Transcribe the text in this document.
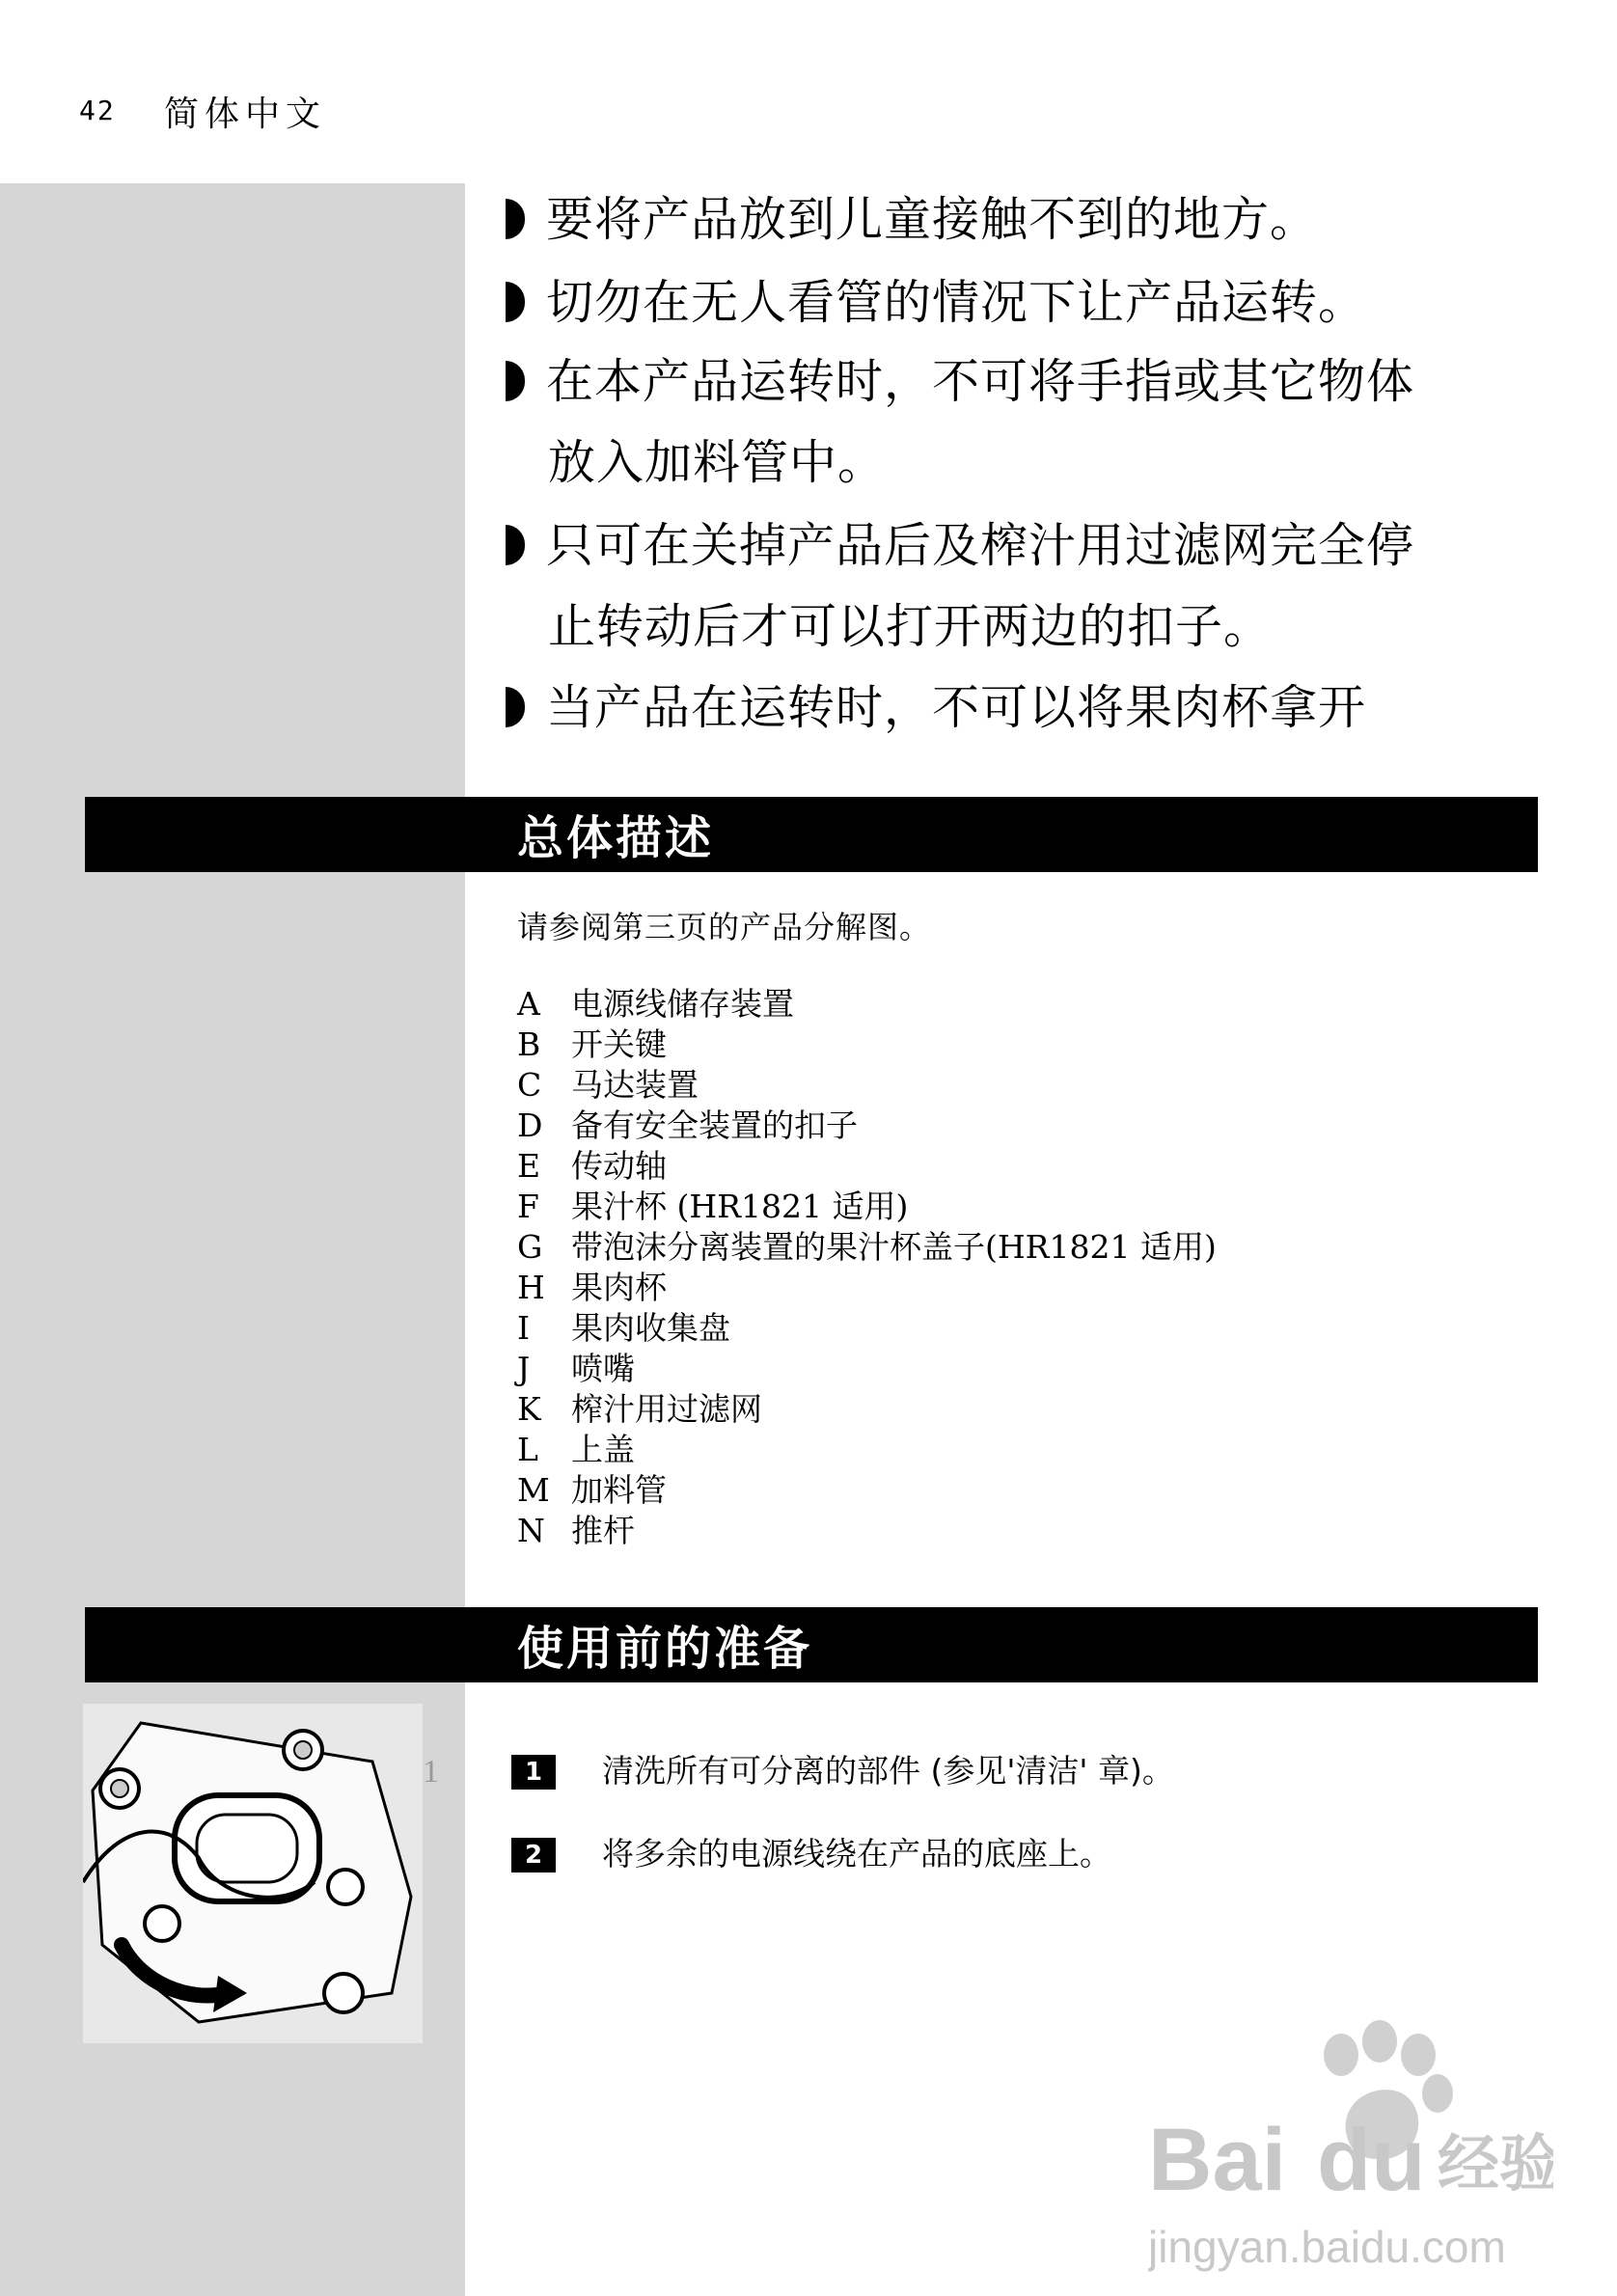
42 简体中文
要将产品放到儿童接触不到的地方。
切勿在无人看管的情况下让产品运转。
在本产品运转时，不可将手指或其它物体
放入加料管中。
只可在关掉产品后及榨汁用过滤网完全停
止转动后才可以打开两边的扣子。
当产品在运转时，不可以将果肉杯拿开
总体描述
请参阅第三页的产品分解图。
A 电源线储存装置
B 开关键
C 马达装置
D 备有安全装置的扣子
E 传动轴
F 果汁杯 (HR1821 适用)
G 带泡沫分离装置的果汁杯盖子(HR1821 适用)
H 果肉杯
I 果肉收集盘
J 喷嘴
K 榨汁用过滤网
L 上盖
M 加料管
N 推杆
使用前的准备
1	1 清洗所有可分离的部件 (参见'清洁' 章)。
2 将多余的电源线绕在产品的底座上。
Bai du 经验
jingyan.baidu.com
